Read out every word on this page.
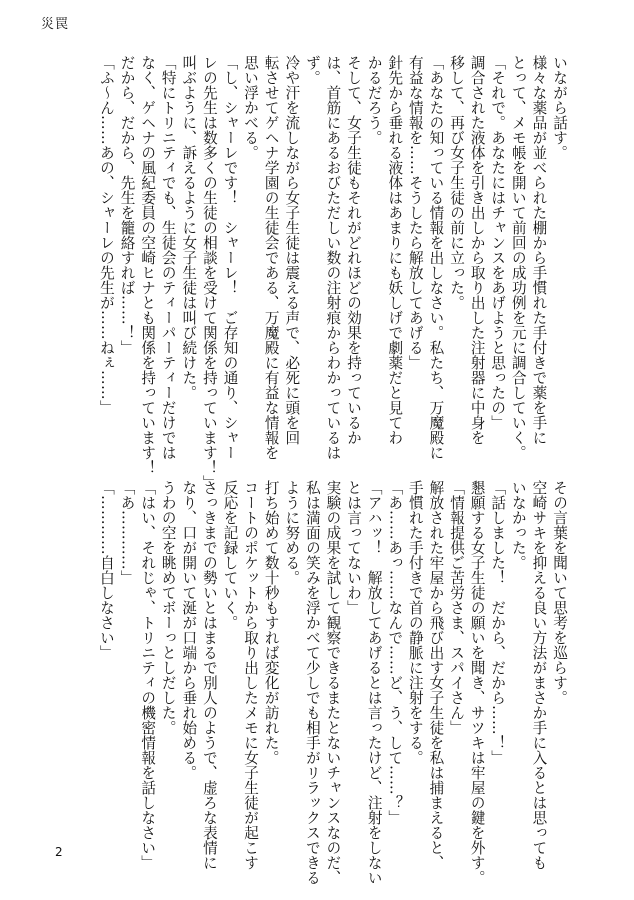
災罠
いながら話す。
様々な薬品が並べられた棚から手慣れた手付きで薬を手に
とって、メモ帳を開いて前回の成功例を元に調合していく。
「それで。あなたにはチャンスをあげようと思ったの」
調合された液体を引き出しから取り出した注射器に中身を
移して、再び女子生徒の前に立った。
「あなたの知っている情報を出しなさい。私たち、万魔殿に
有益な情報を……そうしたら解放してあげる」
針先から垂れる液体はあまりにも妖しげで劇薬だと見てわ
かるだろう。
そして、女子生徒もそれがどれほどの効果を持っているか
は、首筋にあるおびただしい数の注射痕からわかっているは
ず。
冷や汗を流しながら女子生徒は震える声で、必死に頭を回
転させてゲヘナ学園の生徒会である、万魔殿に有益な情報を
思い浮かべる。
「し、シャーレです！　シャーレ！　ご存知の通り、シャー
レの先生は数多くの生徒の相談を受けて関係を持っています！」
叫ぶように、訴えるように女子生徒は叫び続けた。
「特にトリニティでも、生徒会のティーパーティーだけでは
なく、ゲヘナの風紀委員の空崎ヒナとも関係を持っています！
だから、だから、先生を籠絡すれば……！」
「ふ～ん……あの、シャーレの先生が……ねぇ……」
その言葉を聞いて思考を巡らす。
空崎サキを抑える良い方法がまさか手に入るとは思っても
いなかった。
「話しました！　だから、だから……！」
懇願する女子生徒の願いを聞き、サツキは牢屋の鍵を外す。
「情報提供ご苦労さま、スパイさん」
解放された牢屋から飛び出す女子生徒を私は捕まえると、
手慣れた手付きで首の静脈に注射をする。
「あ……あっ……なんで……ど、う、して……？」
「アハッ！　解放してあげるとは言ったけど、注射をしない
とは言ってないわ」
実験の成果を試して観察できるまたとないチャンスなのだ、
私は満面の笑みを浮かべて少しでも相手がリラックスできる
ように努める。
打ち始めて数十秒もすれば変化が訪れた。
コートのポケットから取り出したメモに女子生徒が起こす
反応を記録していく。
さっきまでの勢いとはまるで別人のようで、虚ろな表情に
なり、口が開いて涎が口端から垂れ始める。
うわの空を眺めてボーっとしだした。
「はい、それじゃ、トリニティの機密情報を話しなさい」
「あ…………」
「…………自白しなさい」
2
